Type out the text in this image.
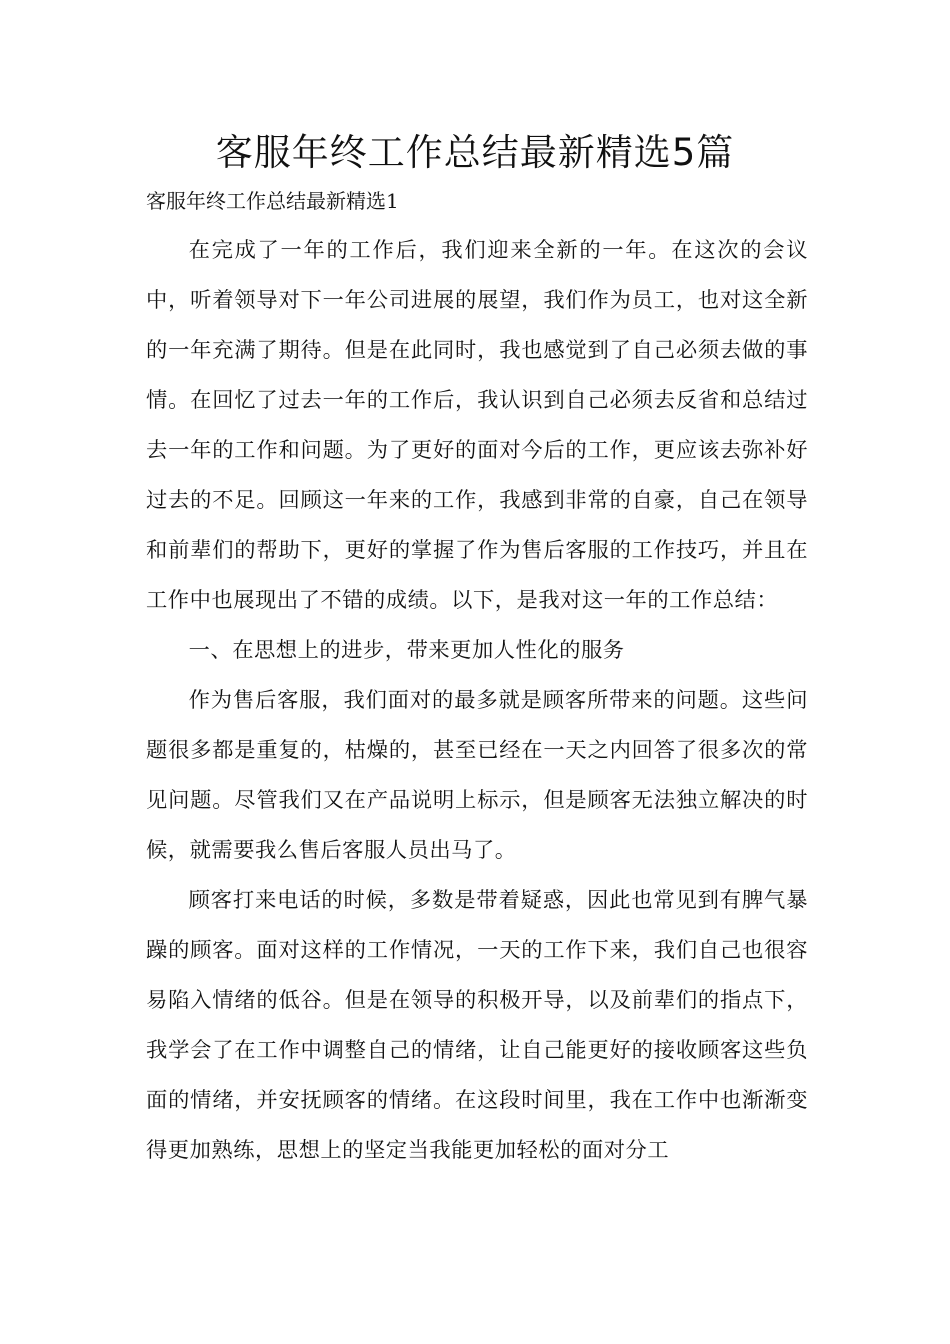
客服年终工作总结最新精选5篇

客服年终工作总结最新精选1

在完成了一年的工作后，我们迎来全新的一年。在这次的会议中，听着领导对下一年公司进展的展望，我们作为员工，也对这全新的一年充满了期待。但是在此同时，我也感觉到了自己必须去做的事情。在回忆了过去一年的工作后，我认识到自己必须去反省和总结过去一年的工作和问题。为了更好的面对今后的工作，更应该去弥补好过去的不足。回顾这一年来的工作，我感到非常的自豪，自己在领导和前辈们的帮助下，更好的掌握了作为售后客服的工作技巧，并且在工作中也展现出了不错的成绩。以下，是我对这一年的工作总结：

一、在思想上的进步，带来更加人性化的服务

作为售后客服，我们面对的最多就是顾客所带来的问题。这些问题很多都是重复的，枯燥的，甚至已经在一天之内回答了很多次的常见问题。尽管我们又在产品说明上标示，但是顾客无法独立解决的时候，就需要我么售后客服人员出马了。

顾客打来电话的时候，多数是带着疑惑，因此也常见到有脾气暴躁的顾客。面对这样的工作情况，一天的工作下来，我们自己也很容易陷入情绪的低谷。但是在领导的积极开导，以及前辈们的指点下，我学会了在工作中调整自己的情绪，让自己能更好的接收顾客这些负面的情绪，并安抚顾客的情绪。在这段时间里，我在工作中也渐渐变得更加熟练，思想上的坚定当我能更加轻松的面对分工
